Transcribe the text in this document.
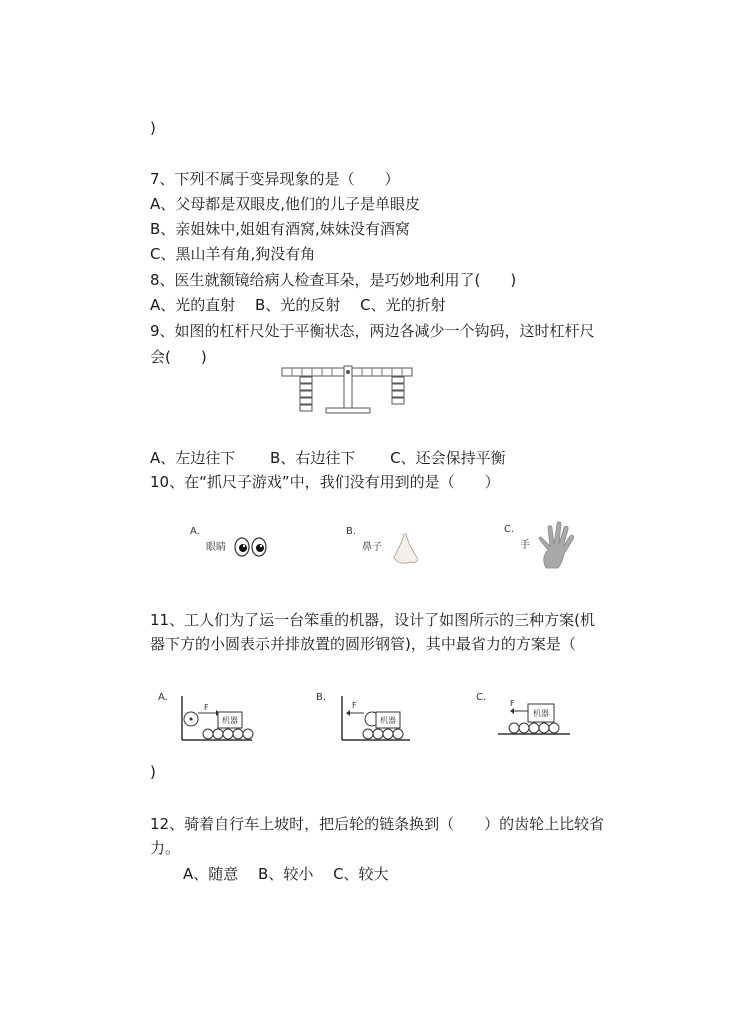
)
7、下列不属于变异现象的是（　　）
A、父母都是双眼皮,他们的儿子是单眼皮
B、亲姐妹中,姐姐有酒窝,妹妹没有酒窝
C、黑山羊有角,狗没有角
8、医生就额镜给病人检查耳朵，是巧妙地利用了(　　)
A、光的直射　 B、光的反射　 C、光的折射
9、如图的杠杆尺处于平衡状态，两边各减少一个钩码，这时杠杆尺
会(　　)
A、左边往下　　 B、右边往下　　 C、还会保持平衡
10、在“抓尺子游戏”中，我们没有用到的是（　　）
A.
眼睛
B.
鼻子
C.
手
11、工人们为了运一台笨重的机器，设计了如图所示的三种方案(机
器下方的小圆表示并排放置的圆形钢管)，其中最省力的方案是（
A.
F
机器
B.
F
机器
C.
F
机器
)
12、骑着自行车上坡时，把后轮的链条换到（　　）的齿轮上比较省
力。
A、随意　 B、较小　 C、较大
